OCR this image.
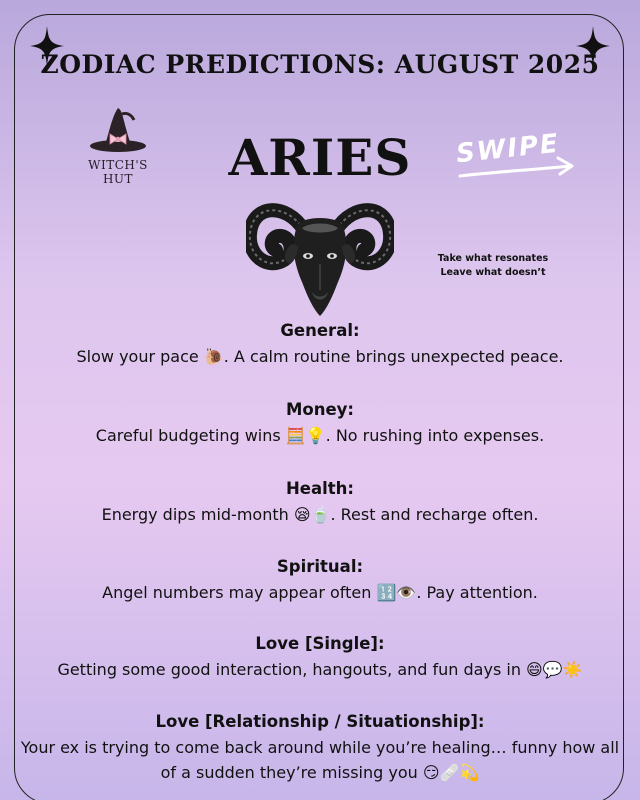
ZODIAC PREDICTIONS: AUGUST 2025
WITCH'S HUT	ARIES	SWIPE
Take what resonates
Leave what doesn’t
General:
Slow your pace 🐌. A calm routine brings unexpected peace.
Money:
Careful budgeting wins 🧮💡. No rushing into expenses.
Health:
Energy dips mid-month 😪🍵. Rest and recharge often.
Spiritual:
Angel numbers may appear often 🔢👁️. Pay attention.
Love [Single]:
Getting some good interaction, hangouts, and fun days in 😄💬☀️
Love [Relationship / Situationship]:
Your ex is trying to come back around while you’re healing… funny how all of a sudden they’re missing you 😏🩹💫
